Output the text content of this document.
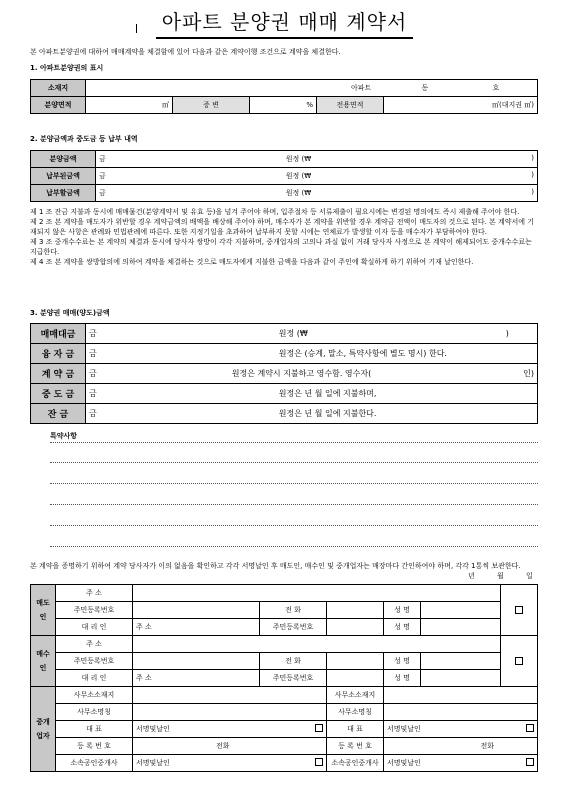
아파트 분양권 매매 계약서
본 아파트분양권에 대하여 매매계약을 체결함에 있어 다음과 같은 계약이행 조건으로 계약을 체결한다.
1. 아파트분양권의 표시
소재지	아파트 동 호				
분양면적	㎡	증 변	%	전용면적	㎡(대지권 ㎡)
2. 분양금액과 중도금 등 납부 내역
분양금액	금 원정 (₩ )

납부된금액	금 원정 (₩ )

납부할금액	금 원정 (₩ )
제 1 조 잔금 지불과 동시에 매매물건(분양계약서 및 유효 등)을 넘겨 주어야 하며, 입주절차 등 서류제출이 필요시에는 변경된 명의에도 즉시 제출해 주어야 한다.
제 2 조 본 계약을 매도자가 위반할 경우 계약금액의 배액을 배상해 주어야 하며, 매수자가 본 계약을 위반할 경우 계약금 전액이 매도자의 것으로 된다. 본 계약서에 기재되지 않은 사항은 관례와 민법관례에 따른다. 또한 지정기일을 초과하여 납부하지 못할 시에는 연체료가 발생할 이자 등을 매수자가 부담하여야 한다.
제 3 조 중개수수료는 본 계약의 체결과 동시에 당사자 쌍방이 각각 지불하며, 중개업자의 고의나 과실 없이 거래 당사자 사정으로 본 계약이 해제되어도 중개수수료는 지급한다.
제 4 조 본 계약을 쌍방합의에 의하여 계약을 체결하는 것으로 매도자에게 지불한 금액을 다음과 같이 주인에 확실하게 하기 위하여 기재 날인한다.
3. 분양권 매매(양도)금액
매매대금	금 원정 (₩ )
융 자 금	금 원정은 (승계, 말소, 특약사항에 별도 명시) 한다.
계 약 금	금 원정은 계약시 지불하고 영수함. 영수자( 인)

중 도 금	금 원정은 년 월 일에 지불하며,
잔 금	금 원정은 년 월 일에 지불한다.
특약사항
본 계약을 증명하기 위하여 계약 당사자가 이의 없음을 확인하고 각각 서명날인 후 매도인, 매수인 및 중개업자는 매장마다 간인하여야 하며, 각각 1통씩 보관한다.
년 월 일
매도인	주 소						
	주민등록번호		전 화		성 명		
	대 리 인	주 소	주민등록번호		성 명		
매수인	주 소						
	주민등록번호		전 화		성 명		
	대 리 인	주 소	주민등록번호		성 명		
중개업자	사무소소재지			사무소소재지			
	사무소명칭			사무소명칭			
	대 표	서명및날인		대 표	서명및날인		

	등 록 번 호	전화		등 록 번 호	전화		

	소속공인중개사	서명및날인		소속공인중개사	서명및날인		
